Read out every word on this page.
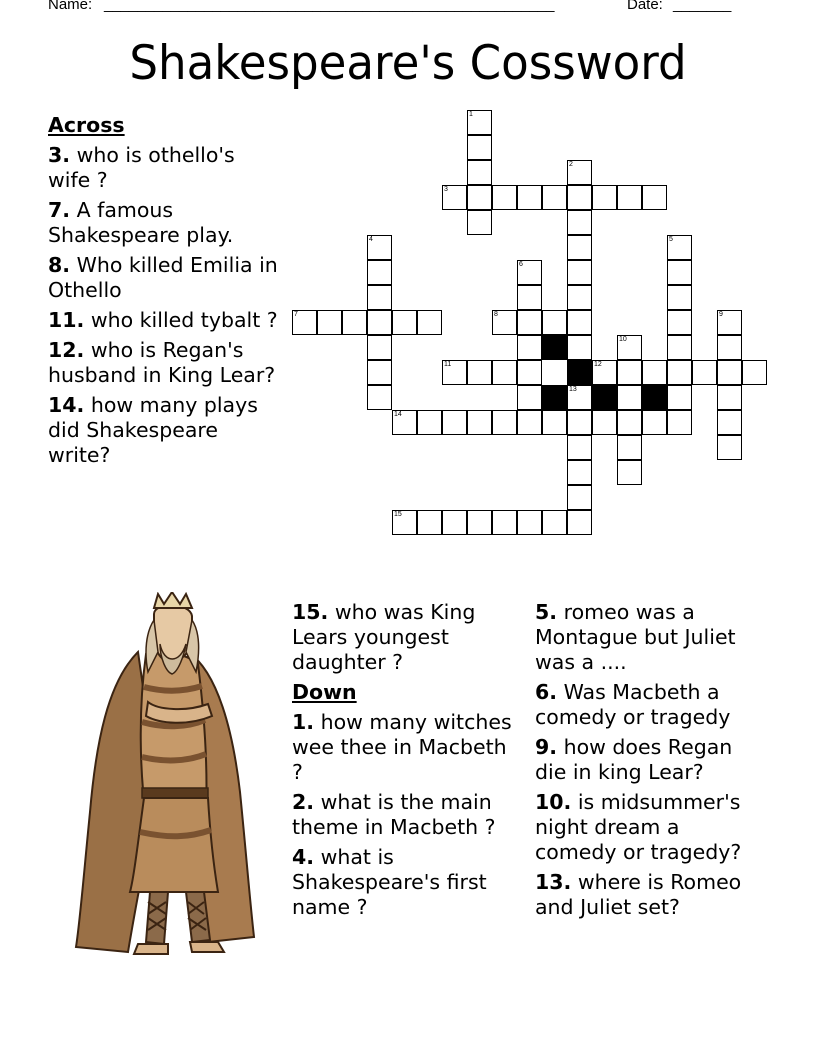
Name: ______________________________________________________	Date: _______
Shakespeare's Cossword
Across
3. who is othello's wife ?
7. A famous Shakespeare play.
8. Who killed Emilia in Othello
11. who killed tybalt ?
12. who is Regan's husband in King Lear?
14. how many plays did Shakespeare write?
15. who was King Lears youngest daughter ?
Down
1. how many witches wee thee in Macbeth ?
2. what is the main theme in Macbeth ?
4. what is Shakespeare's first name ?
5. romeo was a Montague but Juliet was a ....
6. Was Macbeth a comedy or tragedy
9. how does Regan die in king Lear?
10. is midsummer's night dream a comedy or tragedy?
13. where is Romeo and Juliet set?
1
2
13
3
4	5
6
7	8	9
10
11	12
14
15
